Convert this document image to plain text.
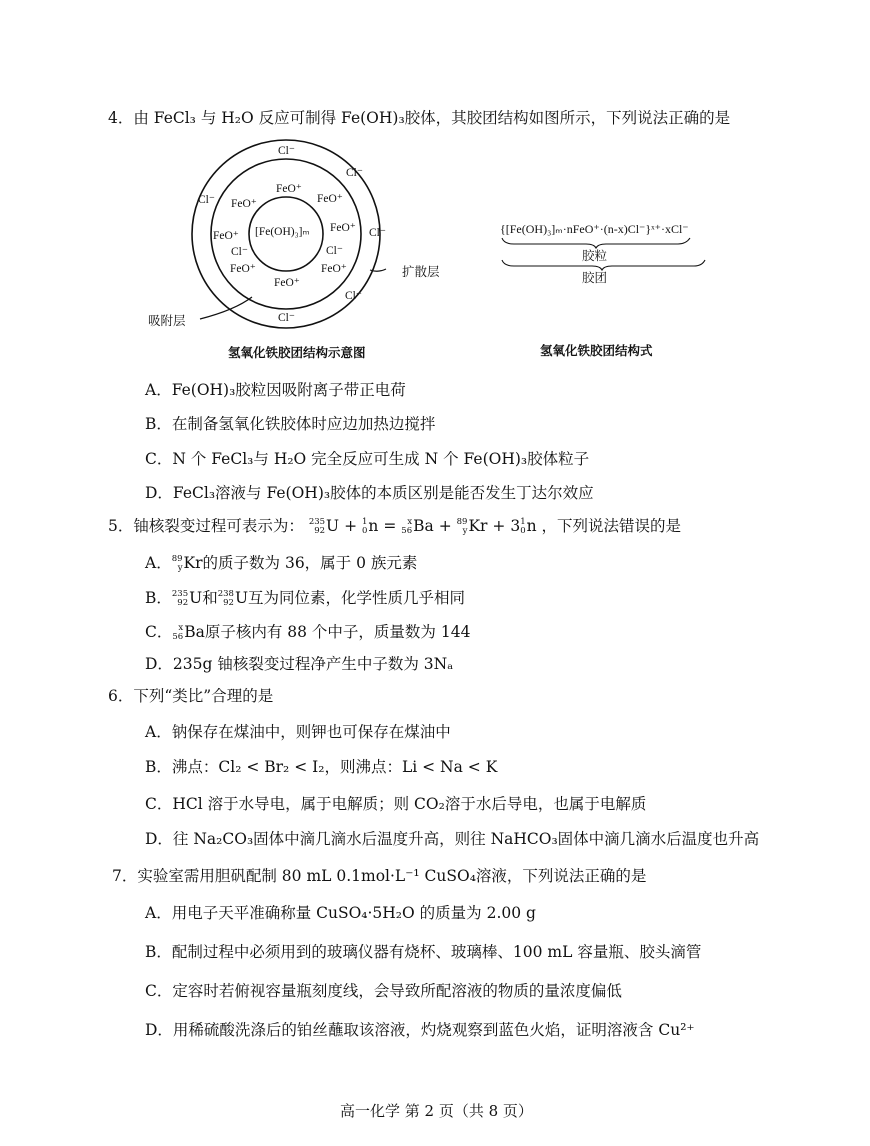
4．由 FeCl₃ 与 H₂O 反应可制得 Fe(OH)₃胶体，其胶团结构如图所示，下列说法正确的是
[Fe(OH)₃]ₘ
FeO⁺
FeO⁺	FeO⁺
FeO⁺
FeO⁺
FeO⁺	FeO⁺
FeO⁺
Cl⁻
Cl⁻
Cl⁻
Cl⁻
Cl⁻	Cl⁻
Cl⁻
Cl⁻
扩散层
吸附层
氢氧化铁胶团结构示意图
{[Fe(OH)₃]ₘ·nFeO⁺·(n-x)Cl⁻}ˣ⁺·xCl⁻
胶粒
胶团
氢氧化铁胶团结构式
A．Fe(OH)₃胶粒因吸附离子带正电荷
B．在制备氢氧化铁胶体时应边加热边搅拌
C．N 个 FeCl₃与 H₂O 完全反应可生成 N 个 Fe(OH)₃胶体粒子
D．FeCl₃溶液与 Fe(OH)₃胶体的本质区别是能否发生丁达尔效应
5．铀核裂变过程可表示为： 235
92 U + 1
0 n =	x
56 Ba + 89
y Kr + 3 1
0 n ，下列说法错误的是
A． 89
y Kr的质子数为 36，属于 0 族元素
B． 235
92 U和 238
92 U互为同位素，化学性质几乎相同
C． x
56 Ba原子核内有 88 个中子，质量数为 144
D．235g 铀核裂变过程净产生中子数为 3Nₐ
6．下列“类比”合理的是
A．钠保存在煤油中，则钾也可保存在煤油中
B．沸点：Cl₂ < Br₂ < I₂，则沸点：Li < Na < K
C．HCl 溶于水导电，属于电解质；则 CO₂溶于水后导电，也属于电解质
D．往 Na₂CO₃固体中滴几滴水后温度升高，则往 NaHCO₃固体中滴几滴水后温度也升高
7．实验室需用胆矾配制 80 mL 0.1mol·L⁻¹ CuSO₄溶液，下列说法正确的是
A．用电子天平准确称量 CuSO₄·5H₂O 的质量为 2.00 g
B．配制过程中必须用到的玻璃仪器有烧杯、玻璃棒、100 mL 容量瓶、胶头滴管
C．定容时若俯视容量瓶刻度线，会导致所配溶液的物质的量浓度偏低
D．用稀硫酸洗涤后的铂丝蘸取该溶液，灼烧观察到蓝色火焰，证明溶液含 Cu²⁺
高一化学 第 2 页（共 8 页）
